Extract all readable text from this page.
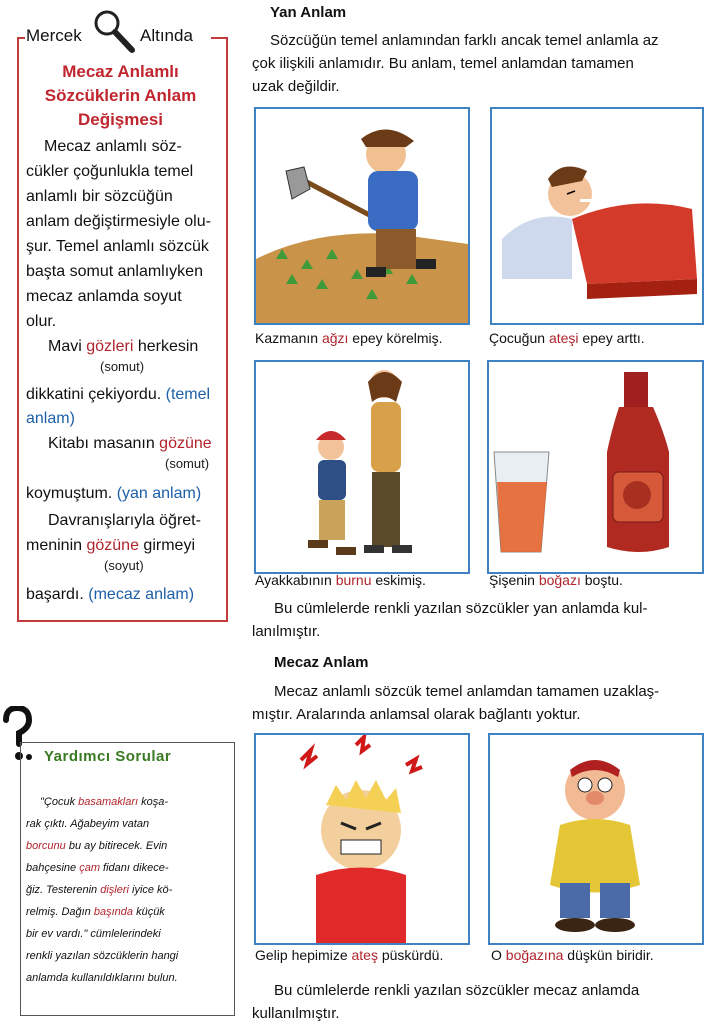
Mercek	Altında
Mecaz Anlamlı
Sözcüklerin Anlam
Değişmesi
Mecaz anlamlı söz-
cükler çoğunlukla temel
anlamlı bir sözcüğün
anlam değiştirmesiyle olu-
şur. Temel anlamlı sözcük
başta somut anlamlıyken
mecaz anlamda soyut
olur.
Mavi gözleri herkesin
(somut)
dikkatini çekiyordu. (temel
anlam)
Kitabı masanın gözüne
(somut)
koymuştum. (yan anlam)
Davranışlarıyla öğret-
meninin gözüne girmeyi
(soyut)
başardı. (mecaz anlam)
Yan Anlam
Sözcüğün temel anlamından farklı ancak temel anlamla az
çok ilişkili anlamıdır. Bu anlam, temel anlamdan tamamen
uzak değildir.
Kazmanın ağzı epey körelmiş.	Çocuğun ateşi epey arttı.
Ayakkabının burnu eskimiş.	Şişenin boğazı boştu.
Bu cümlelerde renkli yazılan sözcükler yan anlamda kul-
lanılmıştır.
Mecaz Anlam
Mecaz anlamlı sözcük temel anlamdan tamamen uzaklaş-
mıştır. Aralarında anlamsal olarak bağlantı yoktur.
Gelip hepimize ateş püskürdü.	O boğazına düşkün biridir.
Bu cümlelerde renkli yazılan sözcükler mecaz anlamda
kullanılmıştır.
Yardımcı Sorular
"Çocuk basamakları koşa-
rak çıktı. Ağabeyim vatan
borcunu bu ay bitirecek. Evin
bahçesine çam fidanı dikece-
ğiz. Testerenin dişleri iyice kö-
relmiş. Dağın başında küçük
bir ev vardı." cümlelerindeki
renkli yazılan sözcüklerin hangi
anlamda kullanıldıklarını bulun.
